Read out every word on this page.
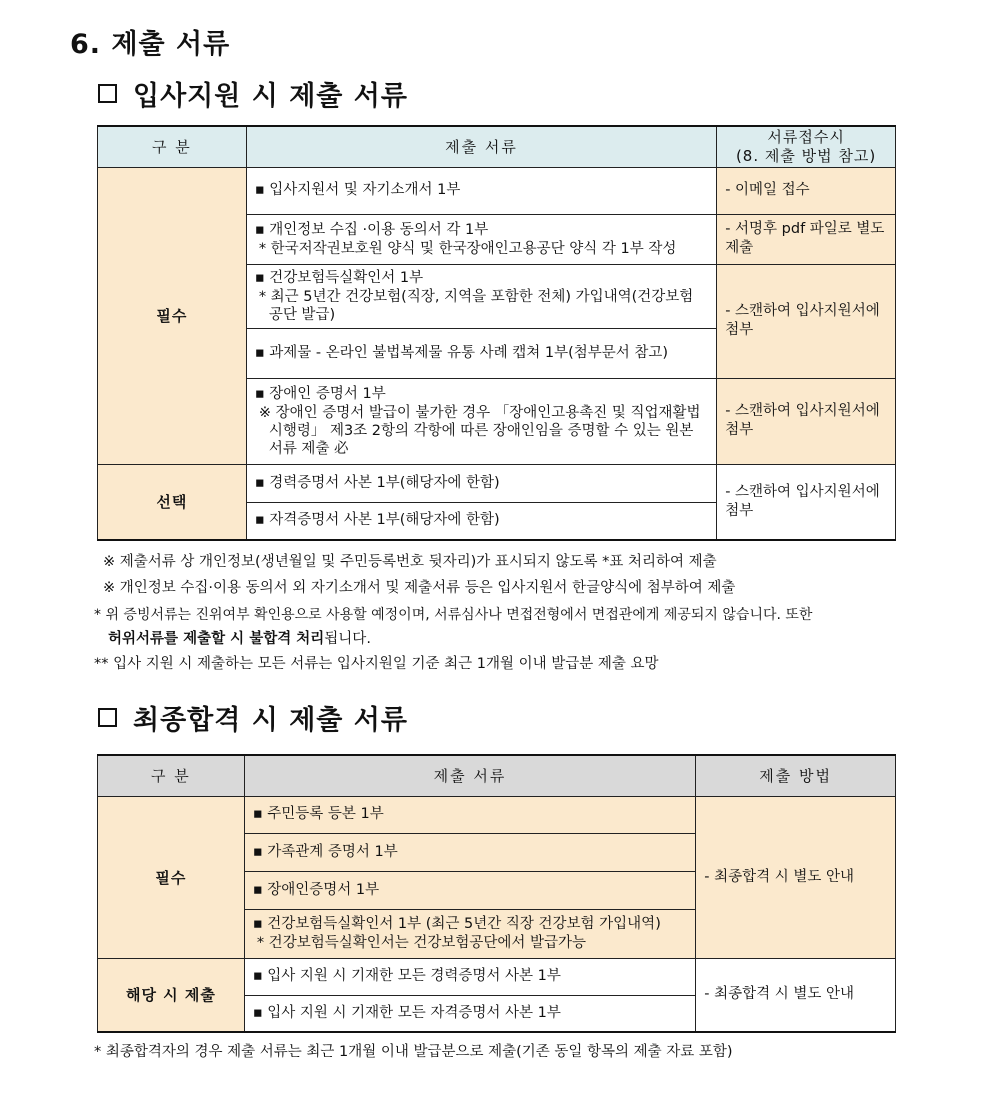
6. 제출 서류
입사지원 시 제출 서류
구 분	제출 서류	서류접수시
(8. 제출 방법 참고)

필수	▪ 입사지원서 및 자기소개서 1부	- 이메일 접수

	▪ 개인정보 수집 ·이용 동의서 각 1부
* 한국저작권보호원 양식 및 한국장애인고용공단 양식 각 1부 작성	- 서명후 pdf 파일로 별도 제출

	▪ 건강보험득실확인서 1부
* 최근 5년간 건강보험(직장, 지역을 포함한 전체) 가입내역(건강보험 공단 발급)	- 스캔하여 입사지원서에 첨부

	▪ 과제물 - 온라인 불법복제물 유통 사례 캡쳐 1부(첨부문서 참고)	

	▪ 장애인 증명서 1부
※ 장애인 증명서 발급이 불가한 경우 「장애인고용촉진 및 직업재활법 시행령」 제3조 2항의 각항에 따른 장애인임을 증명할 수 있는 원본 서류 제출 必	- 스캔하여 입사지원서에 첨부

선택	▪ 경력증명서 사본 1부(해당자에 한함)	- 스캔하여 입사지원서에 첨부

	▪ 자격증명서 사본 1부(해당자에 한함)	
※ 제출서류 상 개인정보(생년월일 및 주민등록번호 뒷자리)가 표시되지 않도록 *표 처리하여 제출
※ 개인정보 수집·이용 동의서 외 자기소개서 및 제출서류 등은 입사지원서 한글양식에 첨부하여 제출
* 위 증빙서류는 진위여부 확인용으로 사용할 예정이며, 서류심사나 면접전형에서 면접관에게 제공되지 않습니다. 또한
허위서류를 제출할 시 불합격 처리됩니다.
** 입사 지원 시 제출하는 모든 서류는 입사지원일 기준 최근 1개월 이내 발급분 제출 요망
최종합격 시 제출 서류
구 분	제출 서류	제출 방법
필수	▪ 주민등록 등본 1부	- 최종합격 시 별도 안내

	▪ 가족관계 증명서 1부	

	▪ 장애인증명서 1부	

	▪ 건강보험득실확인서 1부 (최근 5년간 직장 건강보험 가입내역)
* 건강보험득실확인서는 건강보험공단에서 발급가능	

해당 시 제출	▪ 입사 지원 시 기재한 모든 경력증명서 사본 1부	- 최종합격 시 별도 안내

	▪ 입사 지원 시 기재한 모든 자격증명서 사본 1부	
* 최종합격자의 경우 제출 서류는 최근 1개월 이내 발급분으로 제출(기존 동일 항목의 제출 자료 포함)
